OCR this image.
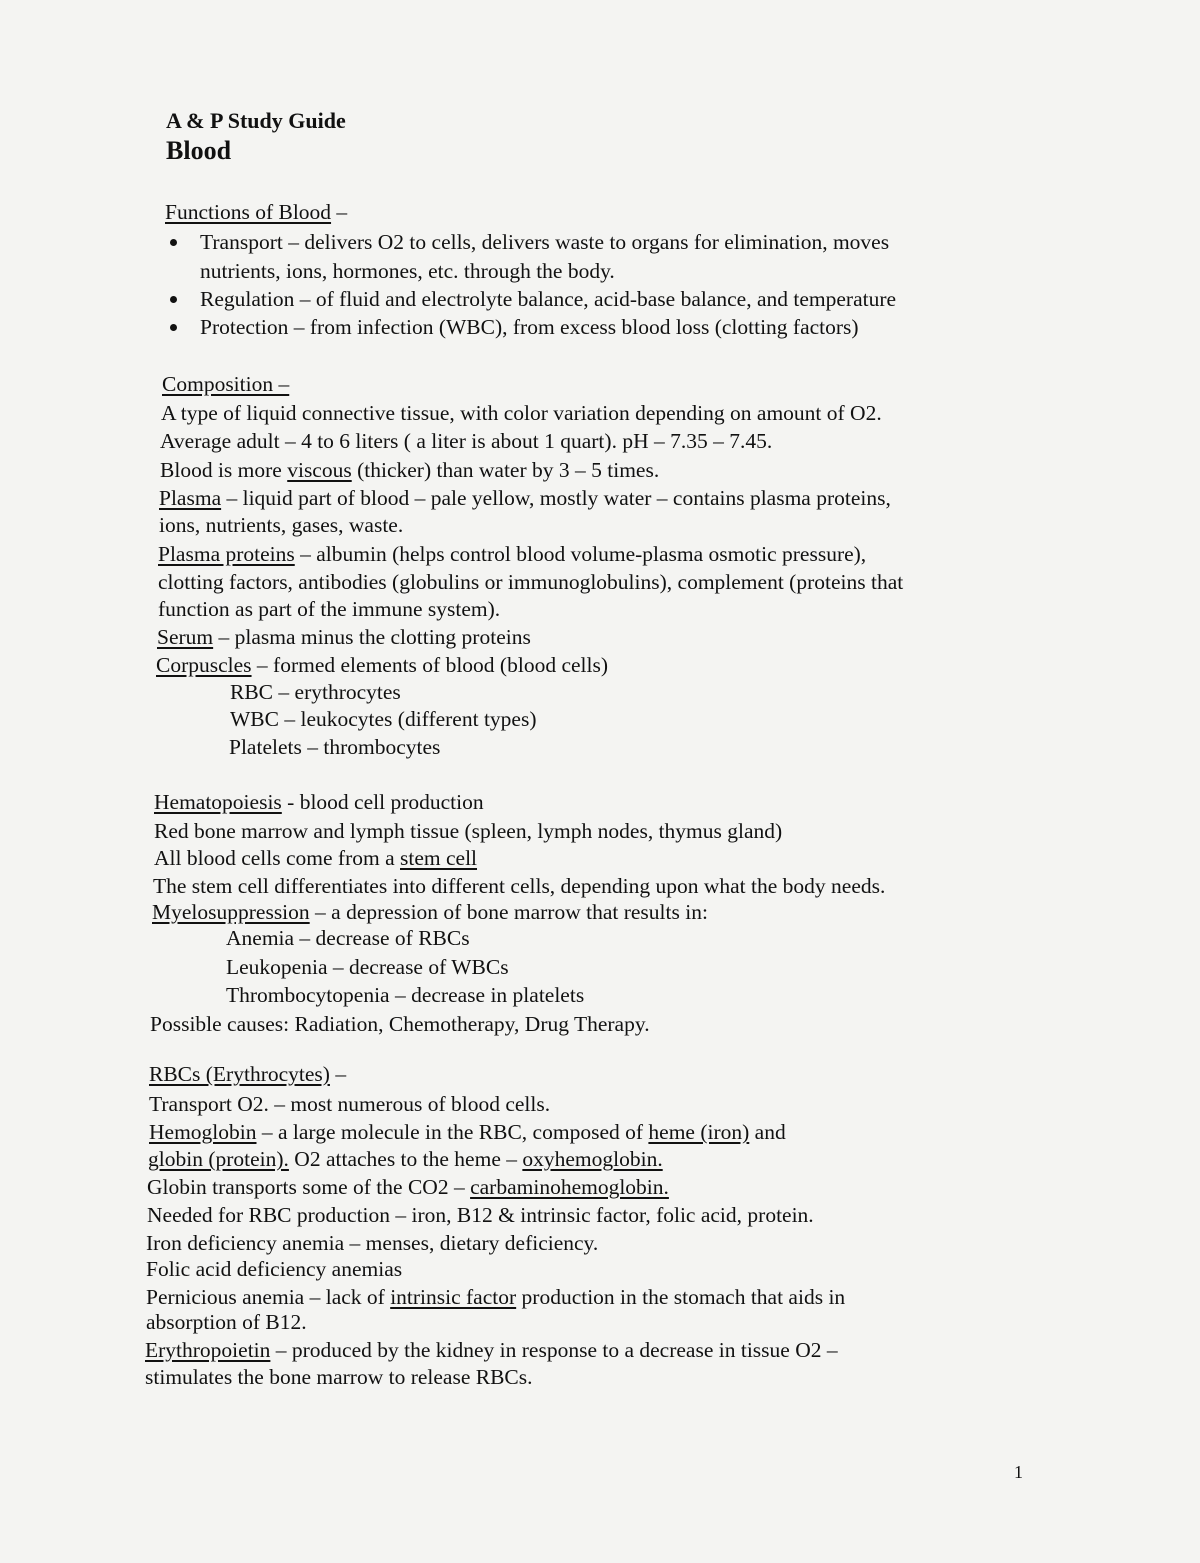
A & P Study Guide
Blood
Functions of Blood –
Transport – delivers O2 to cells, delivers waste to organs for elimination, moves
nutrients, ions, hormones, etc. through the body.
Regulation – of fluid and electrolyte balance, acid-base balance, and temperature
Protection – from infection (WBC), from excess blood loss (clotting factors)
Composition –
A type of liquid connective tissue, with color variation depending on amount of O2.
Average adult – 4 to 6 liters ( a liter is about 1 quart). pH – 7.35 – 7.45.
Blood is more viscous (thicker) than water by 3 – 5 times.
Plasma – liquid part of blood – pale yellow, mostly water – contains plasma proteins,
ions, nutrients, gases, waste.
Plasma proteins – albumin (helps control blood volume-plasma osmotic pressure),
clotting factors, antibodies (globulins or immunoglobulins), complement (proteins that
function as part of the immune system).
Serum – plasma minus the clotting proteins
Corpuscles – formed elements of blood (blood cells)
RBC – erythrocytes
WBC – leukocytes (different types)
Platelets – thrombocytes
Hematopoiesis - blood cell production
Red bone marrow and lymph tissue (spleen, lymph nodes, thymus gland)
All blood cells come from a stem cell
The stem cell differentiates into different cells, depending upon what the body needs.
Myelosuppression – a depression of bone marrow that results in:
Anemia – decrease of RBCs
Leukopenia – decrease of WBCs
Thrombocytopenia – decrease in platelets
Possible causes: Radiation, Chemotherapy, Drug Therapy.
RBCs (Erythrocytes) –
Transport O2. – most numerous of blood cells.
Hemoglobin – a large molecule in the RBC, composed of heme (iron) and
globin (protein). O2 attaches to the heme – oxyhemoglobin.
Globin transports some of the CO2 – carbaminohemoglobin.
Needed for RBC production – iron, B12 & intrinsic factor, folic acid, protein.
Iron deficiency anemia – menses, dietary deficiency.
Folic acid deficiency anemias
Pernicious anemia – lack of intrinsic factor production in the stomach that aids in
absorption of B12.
Erythropoietin – produced by the kidney in response to a decrease in tissue O2 –
stimulates the bone marrow to release RBCs.
1
